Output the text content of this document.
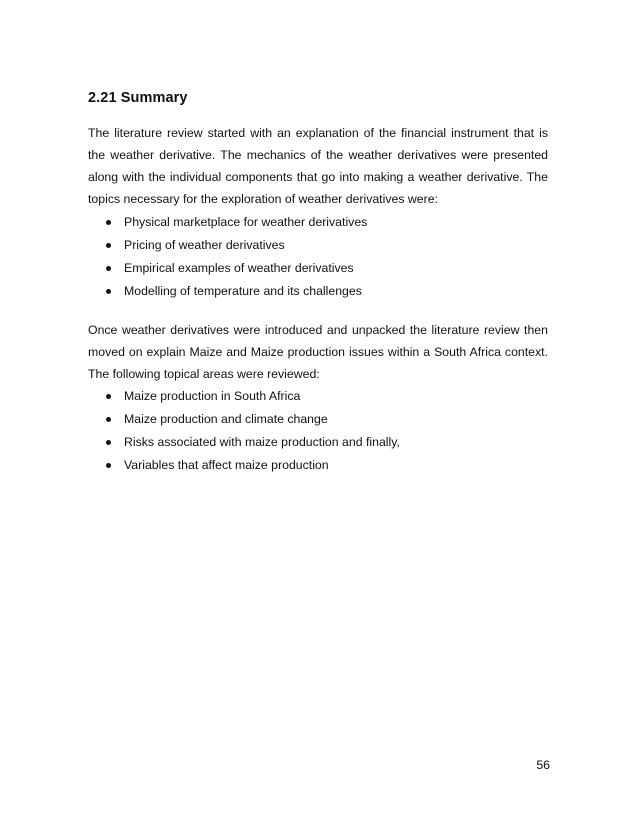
2.21 Summary

The literature review started with an explanation of the financial instrument that is the weather derivative. The mechanics of the weather derivatives were presented along with the individual components that go into making a weather derivative. The topics necessary for the exploration of weather derivatives were:

Physical marketplace for weather derivatives
Pricing of weather derivatives
Empirical examples of weather derivatives
Modelling of temperature and its challenges

Once weather derivatives were introduced and unpacked the literature review then moved on explain Maize and Maize production issues within a South Africa context. The following topical areas were reviewed:

Maize production in South Africa
Maize production and climate change
Risks associated with maize production and finally,
Variables that affect maize production
56
